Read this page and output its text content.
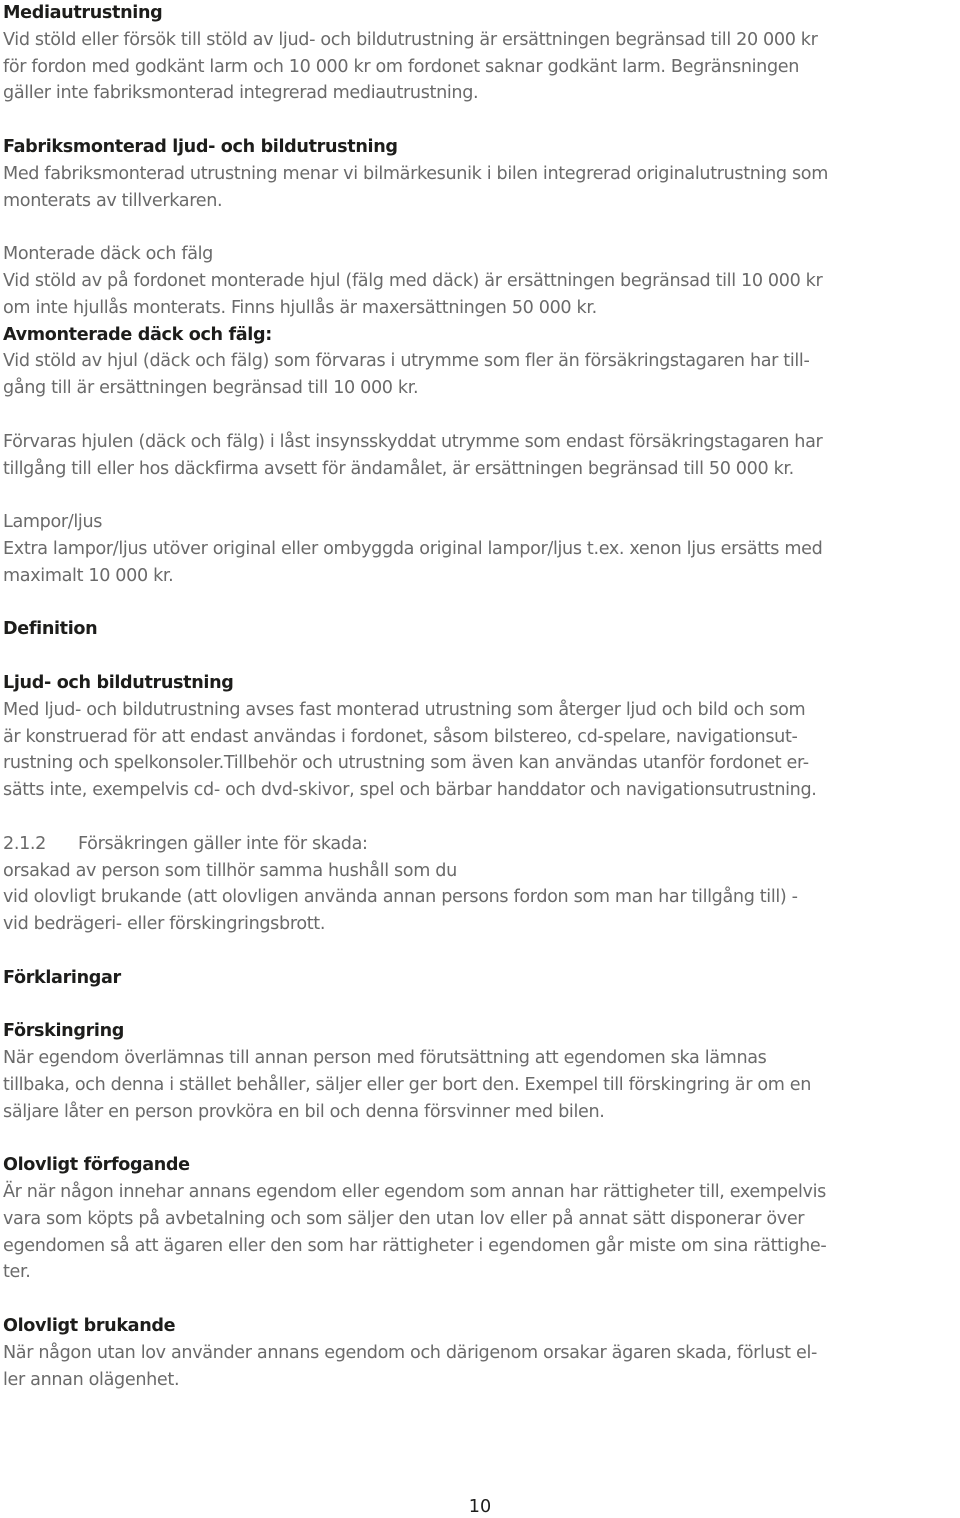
Mediautrustning
Vid stöld eller försök till stöld av ljud- och bildutrustning är ersättningen begränsad till 20 000 kr
för fordon med godkänt larm och 10 000 kr om fordonet saknar godkänt larm. Begränsningen
gäller inte fabriksmonterad integrerad mediautrustning.
Fabriksmonterad ljud- och bildutrustning
Med fabriksmonterad utrustning menar vi bilmärkesunik i bilen integrerad originalutrustning som
monterats av tillverkaren.
Monterade däck och fälg
Vid stöld av på fordonet monterade hjul (fälg med däck) är ersättningen begränsad till 10 000 kr
om inte hjullås monterats. Finns hjullås är maxersättningen 50 000 kr.
Avmonterade däck och fälg:
Vid stöld av hjul (däck och fälg) som förvaras i utrymme som fler än försäkringstagaren har till-
gång till är ersättningen begränsad till 10 000 kr.
Förvaras hjulen (däck och fälg) i låst insynsskyddat utrymme som endast försäkringstagaren har
tillgång till eller hos däckfirma avsett för ändamålet, är ersättningen begränsad till 50 000 kr.
Lampor/ljus
Extra lampor/ljus utöver original eller ombyggda original lampor/ljus t.ex. xenon ljus ersätts med
maximalt 10 000 kr.
Definition
Ljud- och bildutrustning
Med ljud- och bildutrustning avses fast monterad utrustning som återger ljud och bild och som
är konstruerad för att endast användas i fordonet, såsom bilstereo, cd-spelare, navigationsut-
rustning och spelkonsoler.Tillbehör och utrustning som även kan användas utanför fordonet er-
sätts inte, exempelvis cd- och dvd-skivor, spel och bärbar handdator och navigationsutrustning.
2.1.2 Försäkringen gäller inte för skada:
orsakad av person som tillhör samma hushåll som du
vid olovligt brukande (att olovligen använda annan persons fordon som man har tillgång till) -
vid bedrägeri- eller förskingringsbrott.
Förklaringar
Förskingring
När egendom överlämnas till annan person med förutsättning att egendomen ska lämnas
tillbaka, och denna i stället behåller, säljer eller ger bort den. Exempel till förskingring är om en
säljare låter en person provköra en bil och denna försvinner med bilen.
Olovligt förfogande
Är när någon innehar annans egendom eller egendom som annan har rättigheter till, exempelvis
vara som köpts på avbetalning och som säljer den utan lov eller på annat sätt disponerar över
egendomen så att ägaren eller den som har rättigheter i egendomen går miste om sina rättighe-
ter.
Olovligt brukande
När någon utan lov använder annans egendom och därigenom orsakar ägaren skada, förlust el-
ler annan olägenhet.
10
